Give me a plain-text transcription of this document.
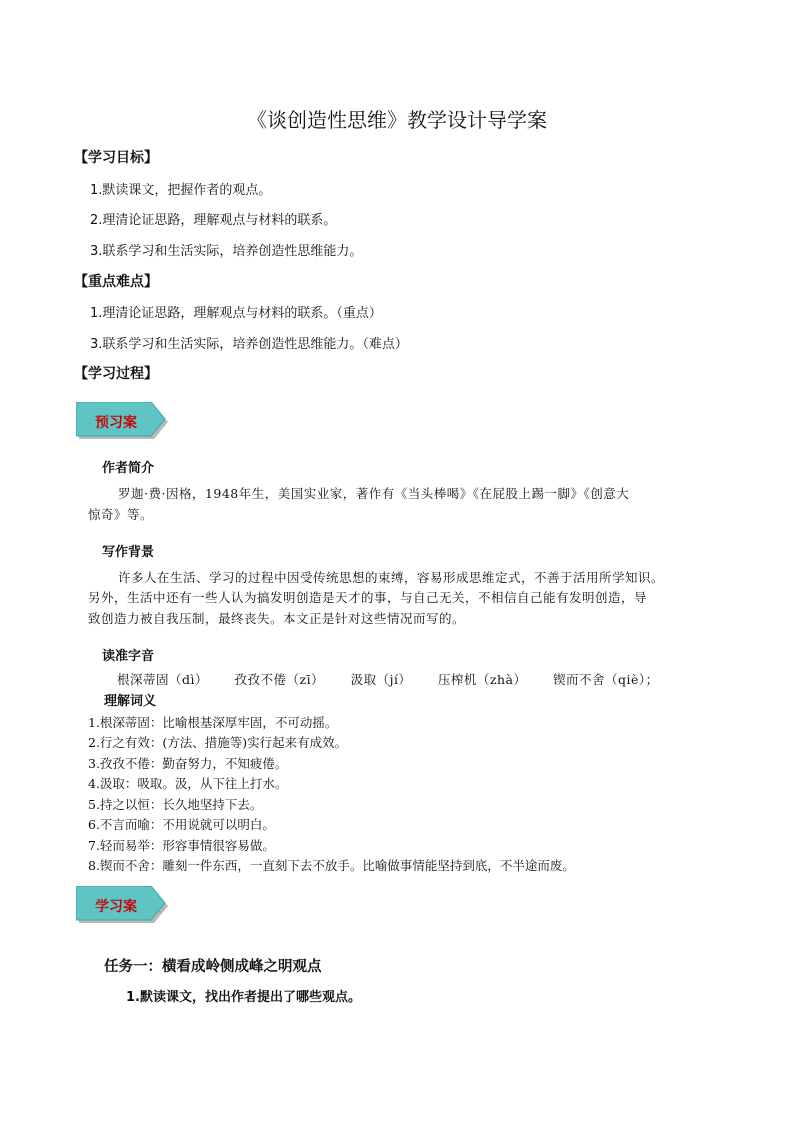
《谈创造性思维》教学设计导学案
【学习目标】
1.默读课文，把握作者的观点。
2.理清论证思路，理解观点与材料的联系。
3.联系学习和生活实际，培养创造性思维能力。
【重点难点】
1.理清论证思路，理解观点与材料的联系。（重点）
3.联系学习和生活实际，培养创造性思维能力。（难点）
【学习过程】
预习案
作者简介
罗迦·费·因格，1948年生，美国实业家，著作有《当头棒喝》《在屁股上踢一脚》《创意大
惊奇》等。
写作背景
许多人在生活、学习的过程中因受传统思想的束缚，容易形成思维定式，不善于活用所学知识。
另外，生活中还有一些人认为搞发明创造是天才的事，与自己无关，不相信自己能有发明创造，导
致创造力被自我压制，最终丧失。本文正是针对这些情况而写的。
读准字音
根深蒂固（dì） 孜孜不倦（zī） 汲取（jí） 压榨机（zhà） 锲而不舍（qiè）；
理解词义
1.根深蒂固：比喻根基深厚牢固，不可动摇。
2.行之有效：(方法、措施等)实行起来有成效。
3.孜孜不倦：勤奋努力，不知疲倦。
4.汲取：吸取。汲，从下往上打水。
5.持之以恒：长久地坚持下去。
6.不言而喻：不用说就可以明白。
7.轻而易举：形容事情很容易做。
8.锲而不舍：雕刻一件东西，一直刻下去不放手。比喻做事情能坚持到底，不半途而废。
学习案
任务一：横看成岭侧成峰之明观点
1.默读课文，找出作者提出了哪些观点。
